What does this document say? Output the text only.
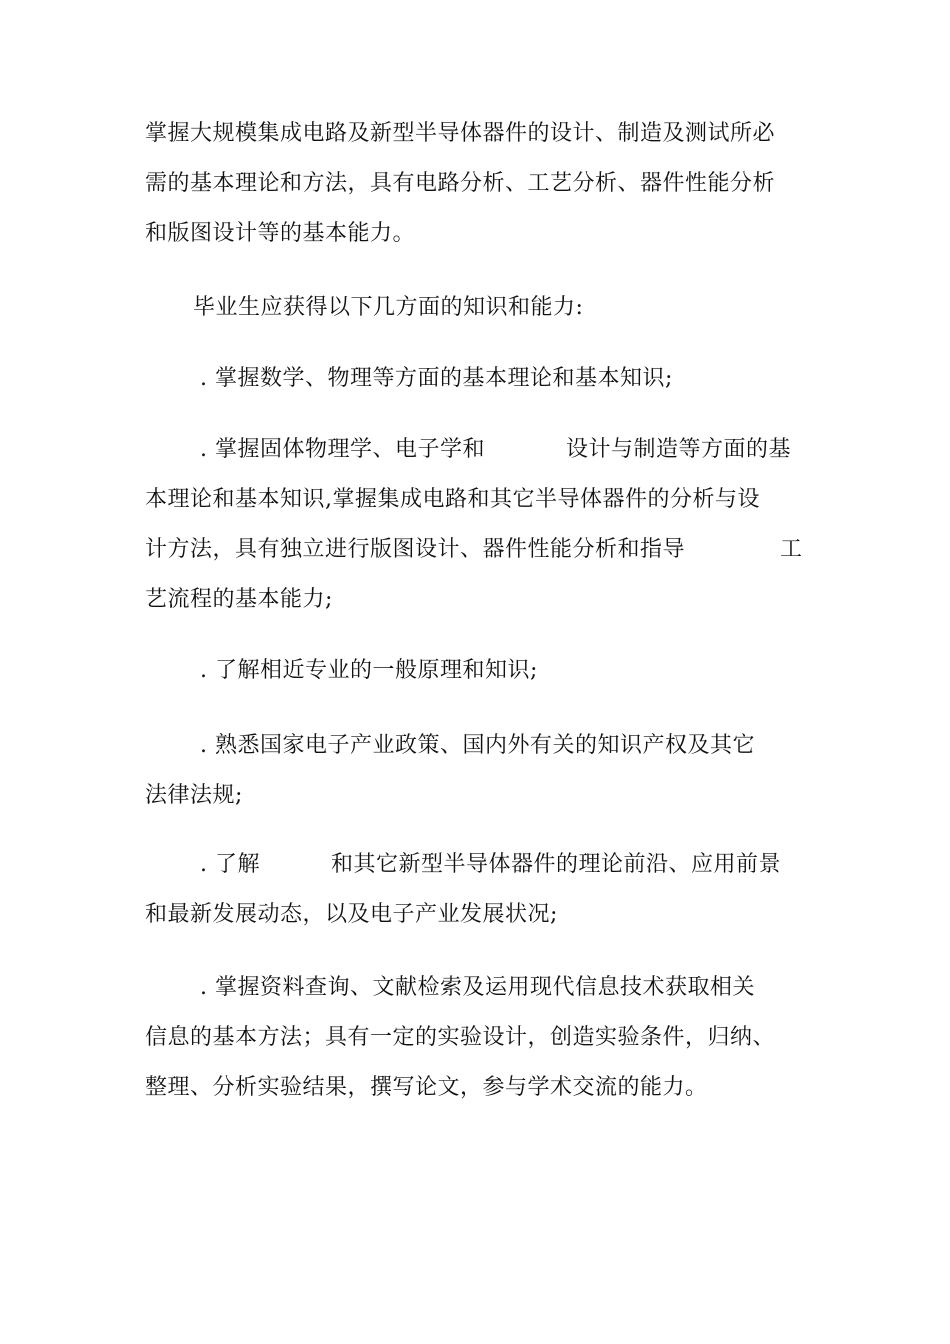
掌握大规模集成电路及新型半导体器件的设计、制造及测试所必
需的基本理论和方法，具有电路分析、工艺分析、器件性能分析
和版图设计等的基本能力。
毕业生应获得以下几方面的知识和能力:
. 掌握数学、物理等方面的基本理论和基本知识;
. 掌握固体物理学、电子学和	设计与制造等方面的基
本理论和基本知识,掌握集成电路和其它半导体器件的分析与设
计方法，具有独立进行版图设计、器件性能分析和指导	工
艺流程的基本能力;
. 了解相近专业的一般原理和知识;
. 熟悉国家电子产业政策、国内外有关的知识产权及其它
法律法规;
. 了解	和其它新型半导体器件的理论前沿、应用前景
和最新发展动态，以及电子产业发展状况;
. 掌握资料查询、文献检索及运用现代信息技术获取相关
信息的基本方法；具有一定的实验设计，创造实验条件，归纳、
整理、分析实验结果，撰写论文，参与学术交流的能力。
